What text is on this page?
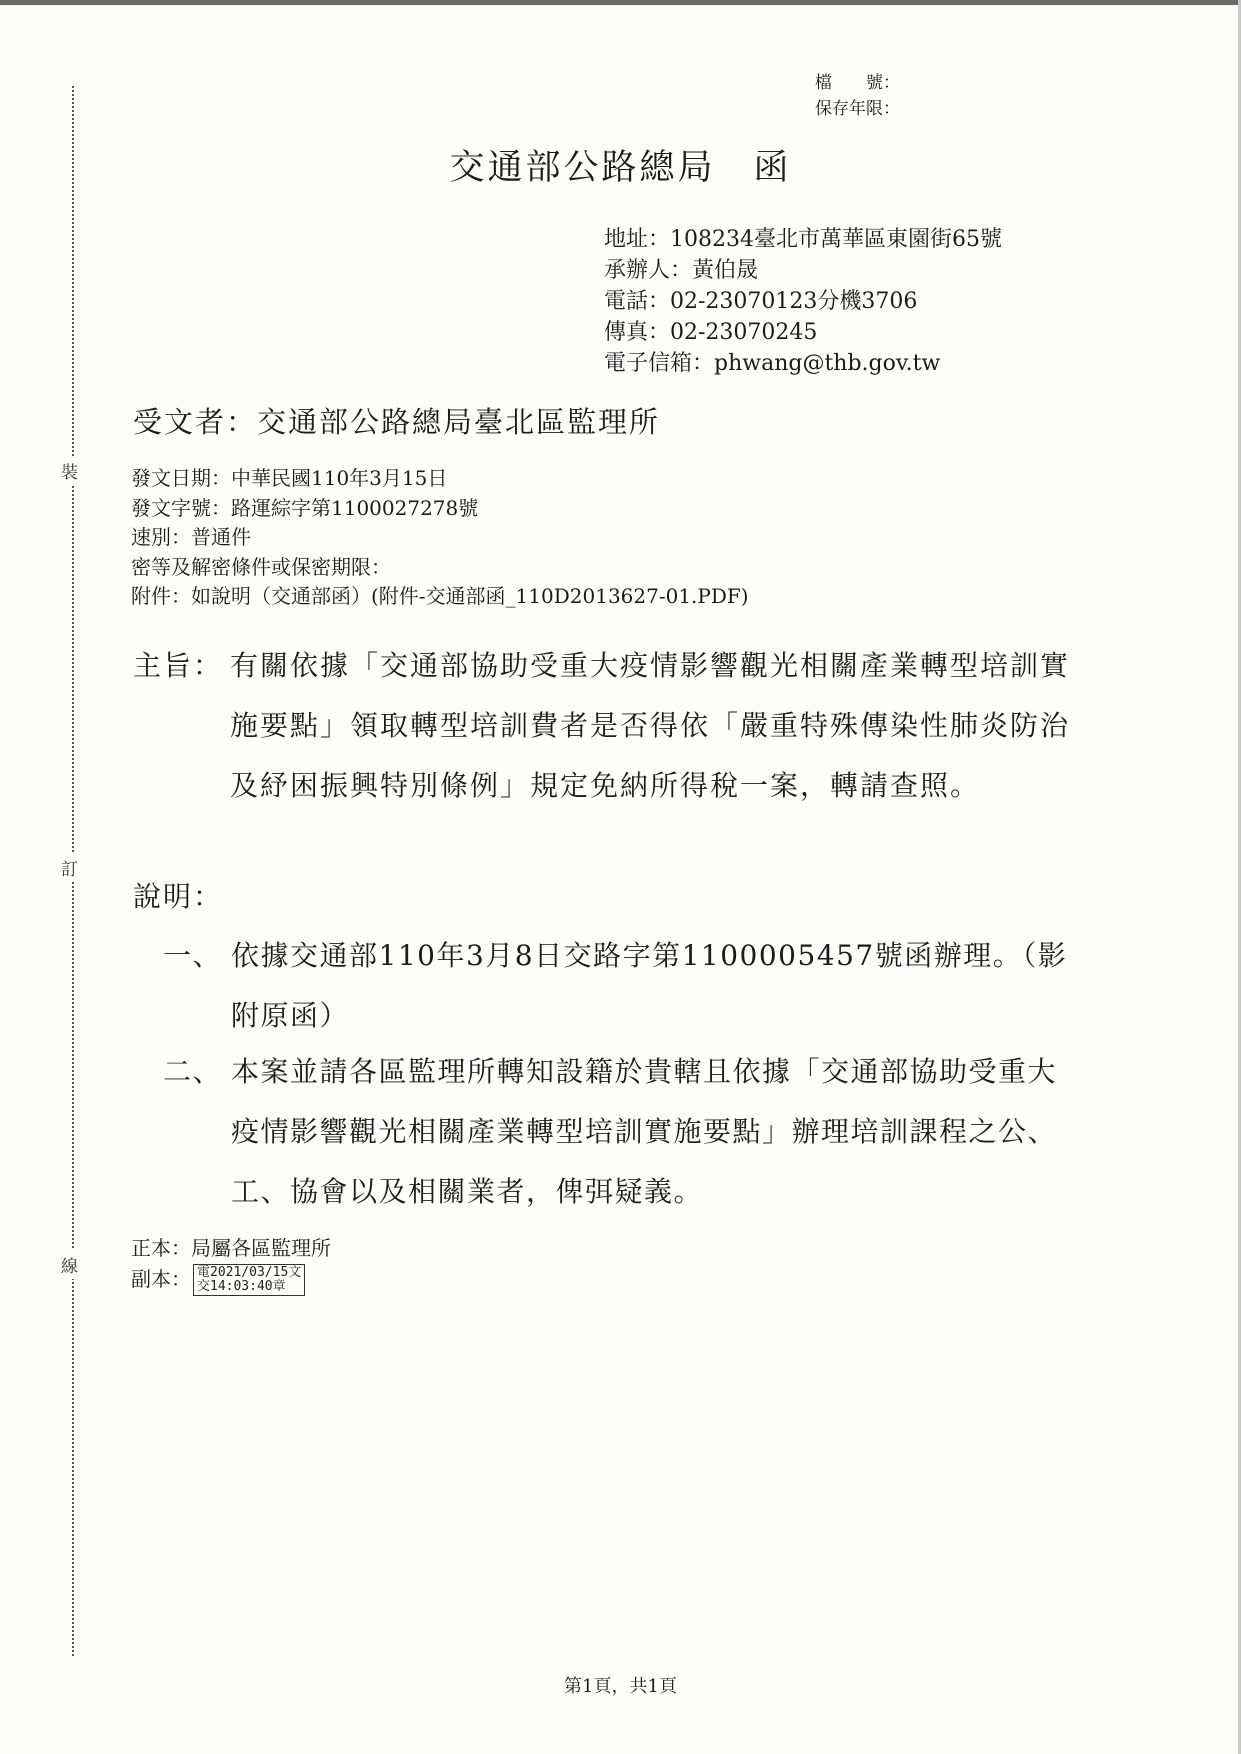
裝
訂
線
檔　　號：
保存年限：
交通部公路總局 函
地址：108234臺北市萬華區東園街65號
承辦人：黃伯晟
電話：02-23070123分機3706
傳真：02-23070245
電子信箱：phwang@thb.gov.tw
受文者：交通部公路總局臺北區監理所
發文日期：中華民國110年3月15日
發文字號：路運綜字第1100027278號
速別：普通件
密等及解密條件或保密期限：
附件：如說明（交通部函）(附件-交通部函_110D2013627-01.PDF)
主旨： 有關依據「交通部協助受重大疫情影響觀光相關產業轉型培訓實施要點」領取轉型培訓費者是否得依「嚴重特殊傳染性肺炎防治及紓困振興特別條例」規定免納所得稅一案，轉請查照。
說明：
一、 依據交通部110年3月8日交路字第1100005457號函辦理。（影附原函）
二、 本案並請各區監理所轉知設籍於貴轄且依據「交通部協助受重大疫情影響觀光相關產業轉型培訓實施要點」辦理培訓課程之公、工、協會以及相關業者，俾弭疑義。
正本：局屬各區監理所
副本： 電2021/03/15文
交14:03:40章
第1頁，共1頁
